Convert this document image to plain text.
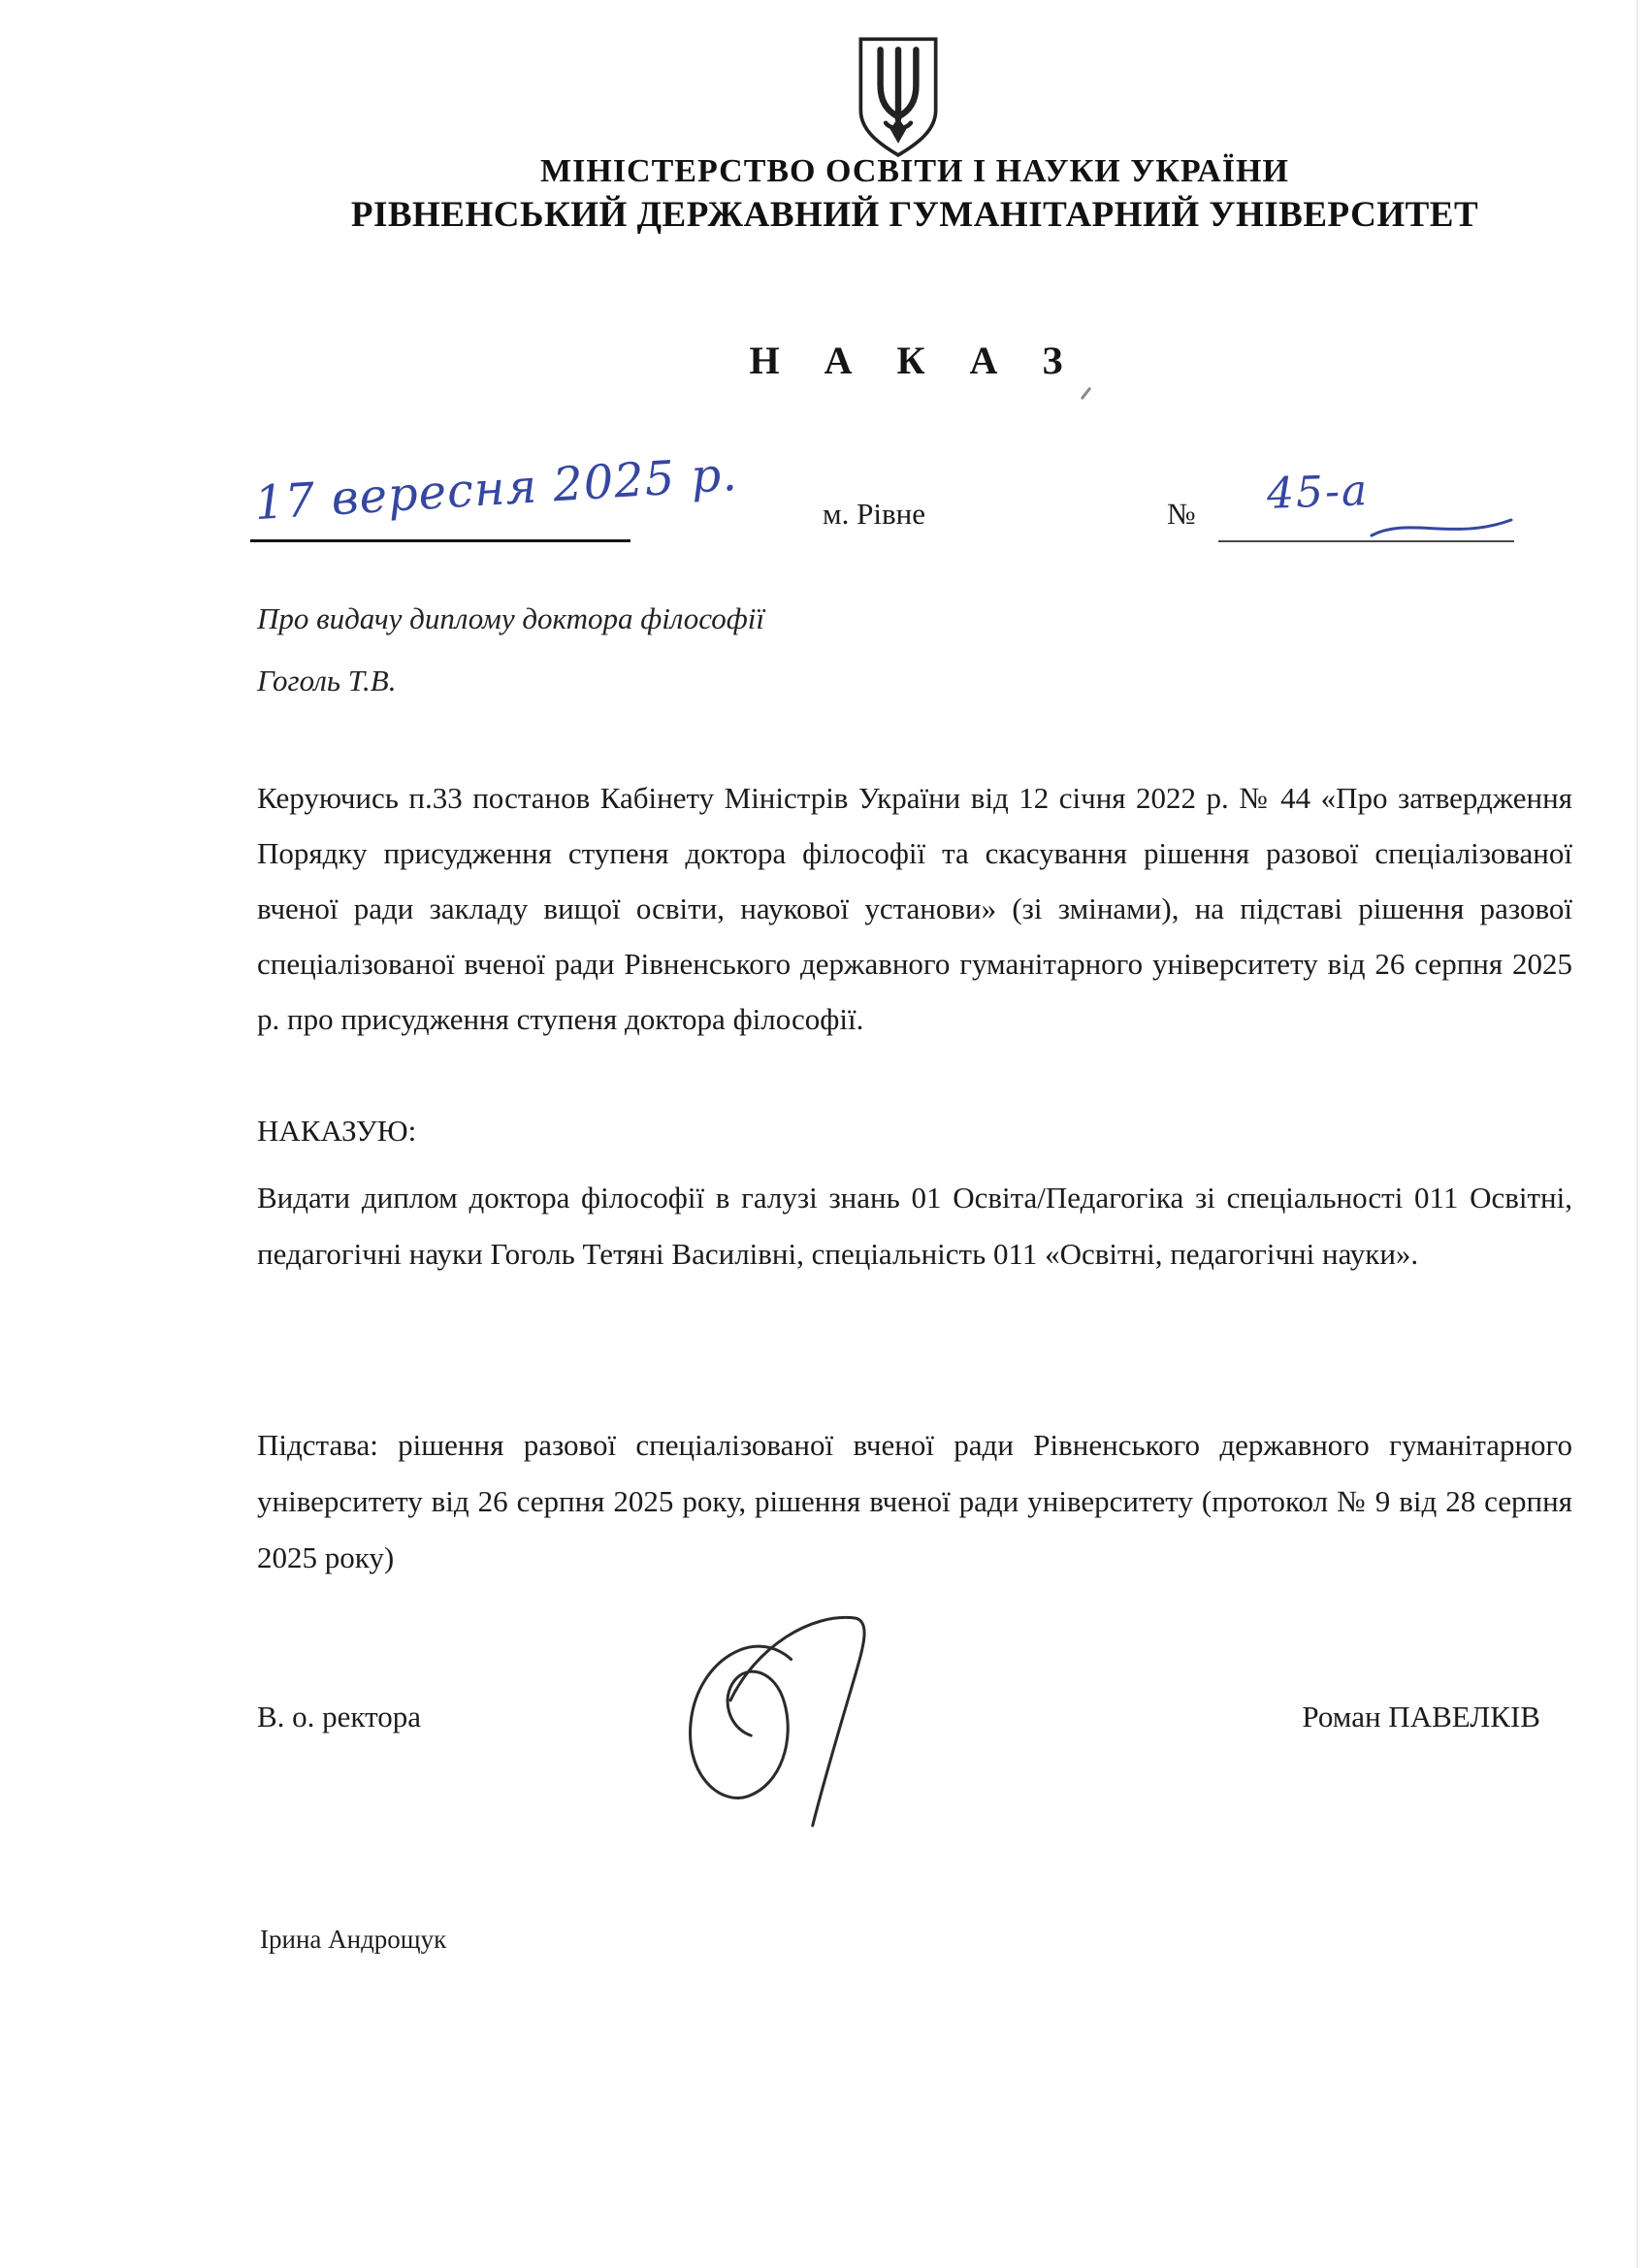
МІНІСТЕРСТВО ОСВІТИ І НАУКИ УКРАЇНИ
РІВНЕНСЬКИЙ ДЕРЖАВНИЙ ГУМАНІТАРНИЙ УНІВЕРСИТЕТ
Н А К А З
17 вересня 2025 р.	м. Рівне	№ 45-а
Про видачу диплому доктора філософії
Гоголь Т.В.
Керуючись п.33 постанов Кабінету Міністрів України від 12 січня 2022 р. № 44 «Про затвердження Порядку присудження ступеня доктора філософії та скасування рішення разової спеціалізованої вченої ради закладу вищої освіти, наукової установи» (зі змінами), на підставі рішення разової спеціалізованої вченої ради Рівненського державного гуманітарного університету від 26 серпня 2025 р. про присудження ступеня доктора філософії.
НАКАЗУЮ:
Видати диплом доктора філософії в галузі знань 01 Освіта/Педагогіка зі спеціальності 011 Освітні, педагогічні науки Гоголь Тетяні Василівні, спеціальність 011 «Освітні, педагогічні науки».
Підстава: рішення разової спеціалізованої вченої ради Рівненського державного гуманітарного університету від 26 серпня 2025 року, рішення вченої ради університету (протокол № 9 від 28 серпня 2025 року)
В. о. ректора	Роман ПАВЕЛКІВ
Ірина Андрощук
